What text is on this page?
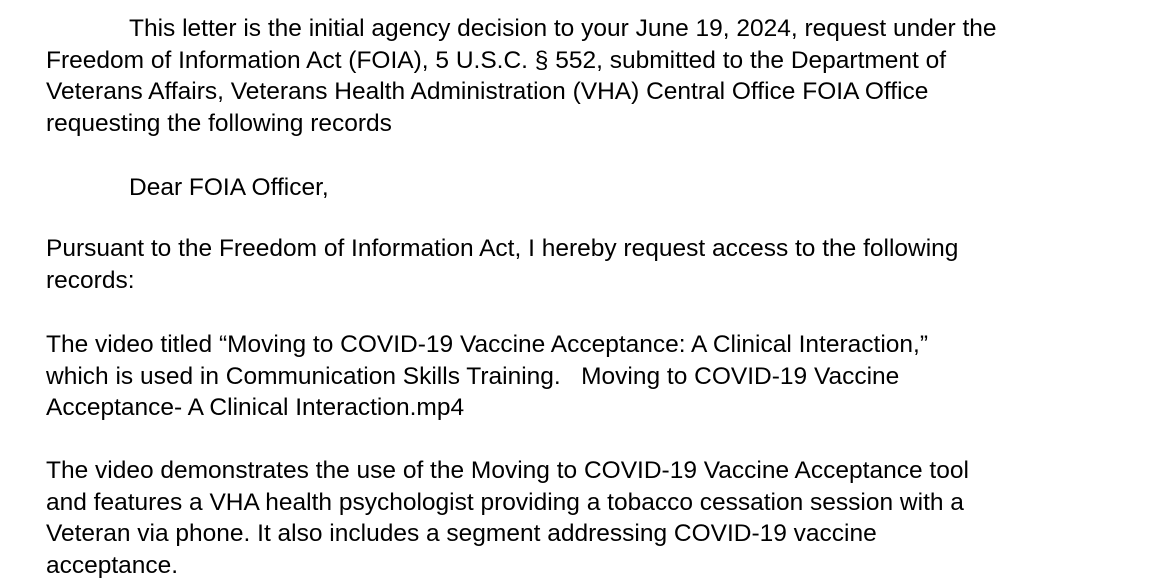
This letter is the initial agency decision to your June 19, 2024, request under the
Freedom of Information Act (FOIA), 5 U.S.C. § 552, submitted to the Department of
Veterans Affairs, Veterans Health Administration (VHA) Central Office FOIA Office
requesting the following records

Dear FOIA Officer,

Pursuant to the Freedom of Information Act, I hereby request access to the following
records:

The video titled “Moving to COVID-19 Vaccine Acceptance: A Clinical Interaction,”
which is used in Communication Skills Training.   Moving to COVID-19 Vaccine
Acceptance- A Clinical Interaction.mp4

The video demonstrates the use of the Moving to COVID-19 Vaccine Acceptance tool
and features a VHA health psychologist providing a tobacco cessation session with a
Veteran via phone. It also includes a segment addressing COVID-19 vaccine
acceptance.
